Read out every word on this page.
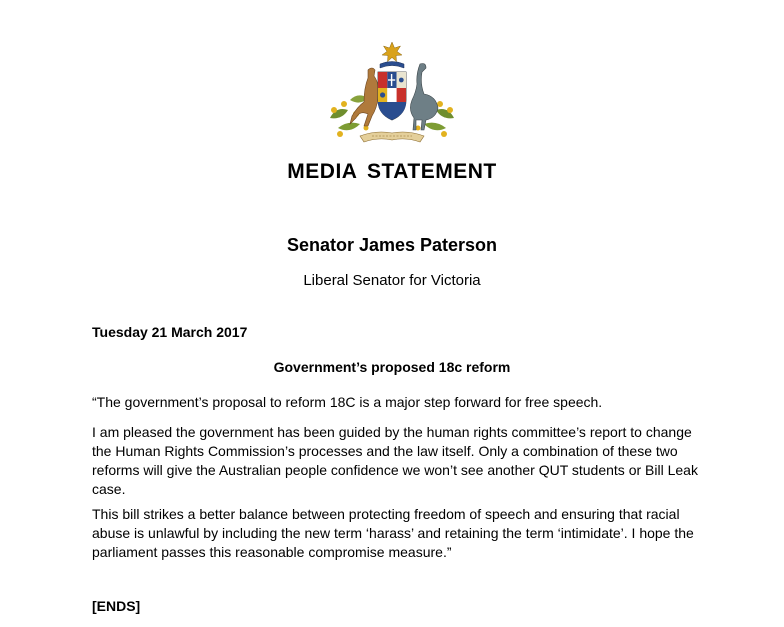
MEDIA STATEMENT
Senator James Paterson
Liberal Senator for Victoria
Tuesday 21 March 2017
Government’s proposed 18c reform

“The government’s proposal to reform 18C is a major step forward for free speech.

I am pleased the government has been guided by the human rights committee’s report to change the Human Rights Commission’s processes and the law itself. Only a combination of these two reforms will give the Australian people confidence we won’t see another QUT students or Bill Leak case.

This bill strikes a better balance between protecting freedom of speech and ensuring that racial abuse is unlawful by including the new term ‘harass’ and retaining the term ‘intimidate’. I hope the parliament passes this reasonable compromise measure.”

[ENDS]
